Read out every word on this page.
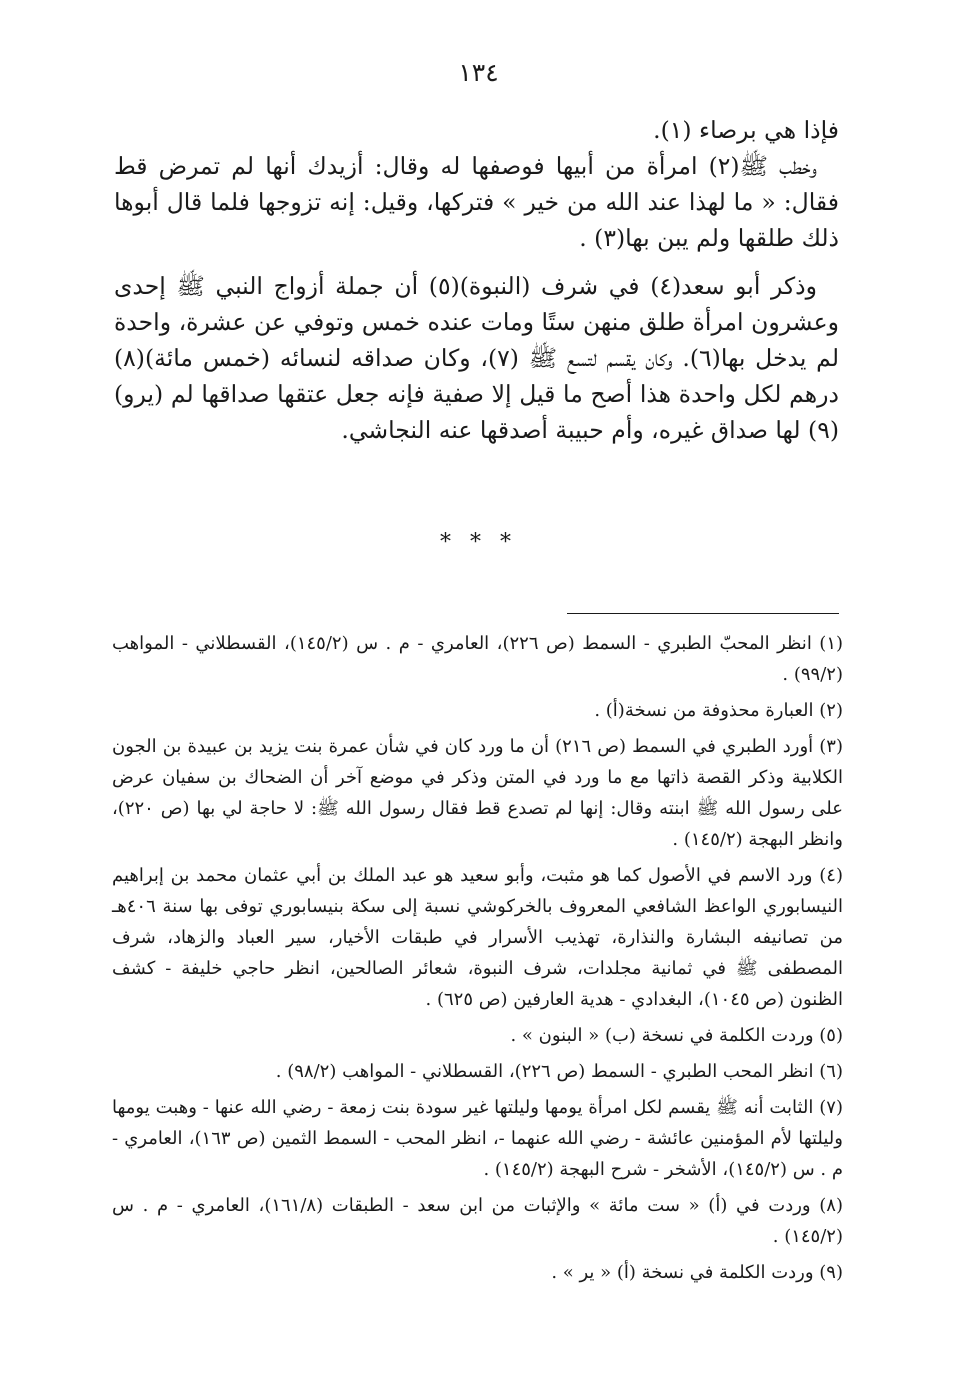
١٣٤

فإذا هي برصاء (١).

وخطب ﷺ(٢) امرأة من أبيها فوصفها له وقال: أزيدك أنها لم تمرض قط فقال: « ما لهذا عند الله من خير » فتركها، وقيل: إنه تزوجها فلما قال أبوها ذلك طلقها ولم يبن بها(٣) .

وذكر أبو سعد(٤) في شرف (النبوة)(٥) أن جملة أزواج النبي ﷺ إحدى وعشرون امرأة طلق منهن ستًا ومات عنده خمس وتوفي عن عشرة، واحدة لم يدخل بها(٦). وكان يقسم لتسع ﷺ (٧)، وكان صداقه لنسائه (خمس مائة)(٨) درهم لكل واحدة هذا أصح ما قيل إلا صفية فإنه جعل عتقها صداقها لم (يرو) (٩) لها صداق غيره، وأم حبيبة أصدقها عنه النجاشي.

* * *

(١) انظر المحبّ الطبري - السمط (ص ٢٢٦)، العامري - م . س (١٤٥/٢)، القسطلاني - المواهب (٩٩/٢) .

(٢) العبارة محذوفة من نسخة(أ) .

(٣) أورد الطبري في السمط (ص ٢١٦) أن ما ورد كان في شأن عمرة بنت يزيد بن عبيدة بن الجون الكلابية وذكر القصة ذاتها مع ما ورد في المتن وذكر في موضع آخر أن الضحاك بن سفيان عرض على رسول الله ﷺ ابنته وقال: إنها لم تصدع قط فقال رسول الله ﷺ: لا حاجة لي بها (ص ٢٢٠)، وانظر البهجة (١٤٥/٢) .

(٤) ورد الاسم في الأصول كما هو مثبت، وأبو سعيد هو عبد الملك بن أبي عثمان محمد بن إبراهيم النيسابوري الواعظ الشافعي المعروف بالخركوشي نسبة إلى سكة بنيسابوري توفى بها سنة ٤٠٦هـ من تصانيفه البشارة والنذارة، تهذيب الأسرار في طبقات الأخيار، سير العباد والزهاد، شرف المصطفى ﷺ في ثمانية مجلدات، شرف النبوة، شعائر الصالحين، انظر حاجي خليفة - كشف الظنون (ص ١٠٤٥)، البغدادي - هدية العارفين (ص ٦٢٥) .

(٥) وردت الكلمة في نسخة (ب) « البنون » .

(٦) انظر المحب الطبري - السمط (ص ٢٢٦)، القسطلاني - المواهب (٩٨/٢) .

(٧) الثابت أنه ﷺ يقسم لكل امرأة يومها وليلتها غير سودة بنت زمعة - رضي الله عنها - وهبت يومها وليلتها لأم المؤمنين عائشة - رضي الله عنهما -، انظر المحب - السمط الثمين (ص ١٦٣)، العامري - م . س (١٤٥/٢)، الأشخر - شرح البهجة (١٤٥/٢) .

(٨) وردت في (أ) « ست مائة » والإثبات من ابن سعد - الطبقات (١٦١/٨)، العامري - م . س (١٤٥/٢) .

(٩) وردت الكلمة في نسخة (أ) « ير » .
